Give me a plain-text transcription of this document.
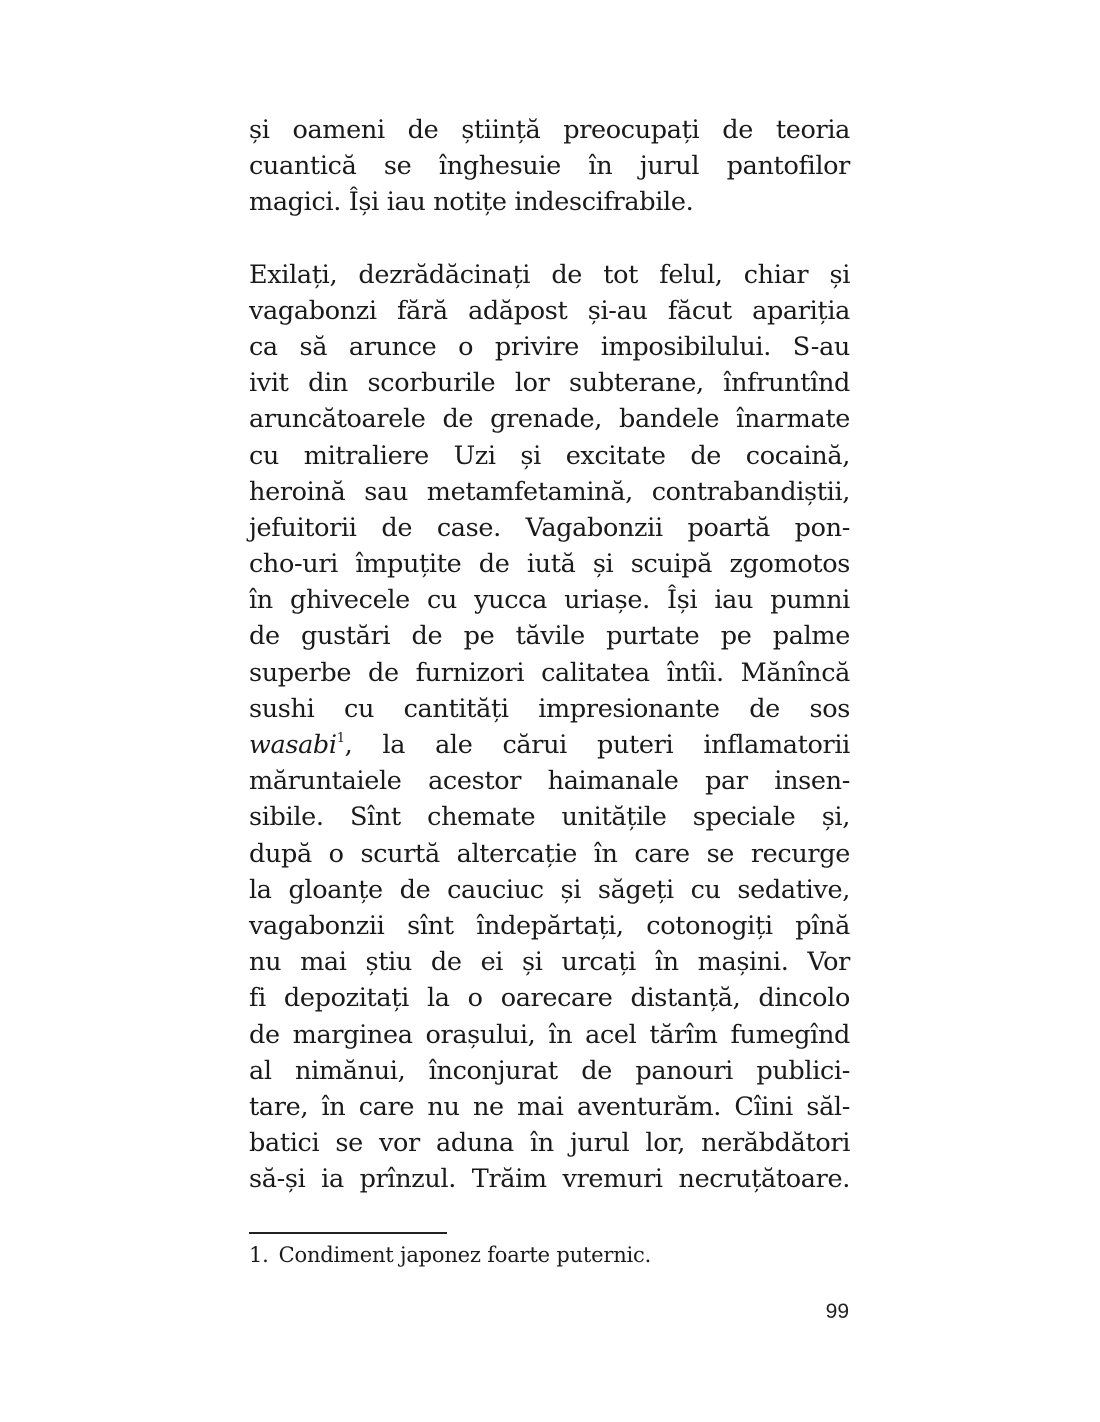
și oameni de știință preocupați de teoria
cuantică se înghesuie în jurul pantofilor
magici. Își iau notițe indescifrabile.
Exilați, dezrădăcinați de tot felul, chiar și
vagabonzi fără adăpost și-au făcut apariția
ca să arunce o privire imposibilului. S-au
ivit din scorburile lor subterane, înfruntînd
aruncătoarele de grenade, bandele înarmate
cu mitraliere Uzi și excitate de cocaină,
heroină sau metamfetamină, contrabandiștii,
jefuitorii de case. Vagabonzii poartă pon-
cho-uri împuțite de iută și scuipă zgomotos
în ghivecele cu yucca uriașe. Își iau pumni
de gustări de pe tăvile purtate pe palme
superbe de furnizori calitatea întîi. Mănîncă
sushi cu cantități impresionante de sos
wasabi$^1$, la ale cărui puteri inflamatorii
măruntaiele acestor haimanale par insen-
sibile. Sînt chemate unitățile speciale și,
după o scurtă altercație în care se recurge
la gloanțe de cauciuc și săgeți cu sedative,
vagabonzii sînt îndepărtați, cotonogiți pînă
nu mai știu de ei și urcați în mașini. Vor
fi depozitați la o oarecare distanță, dincolo
de marginea orașului, în acel tărîm fumegînd
al nimănui, înconjurat de panouri publici-
tare, în care nu ne mai aventurăm. Cîini săl-
batici se vor aduna în jurul lor, nerăbdători
să-și ia prînzul. Trăim vremuri necruțătoare.
1. Condiment japonez foarte puternic.
99
